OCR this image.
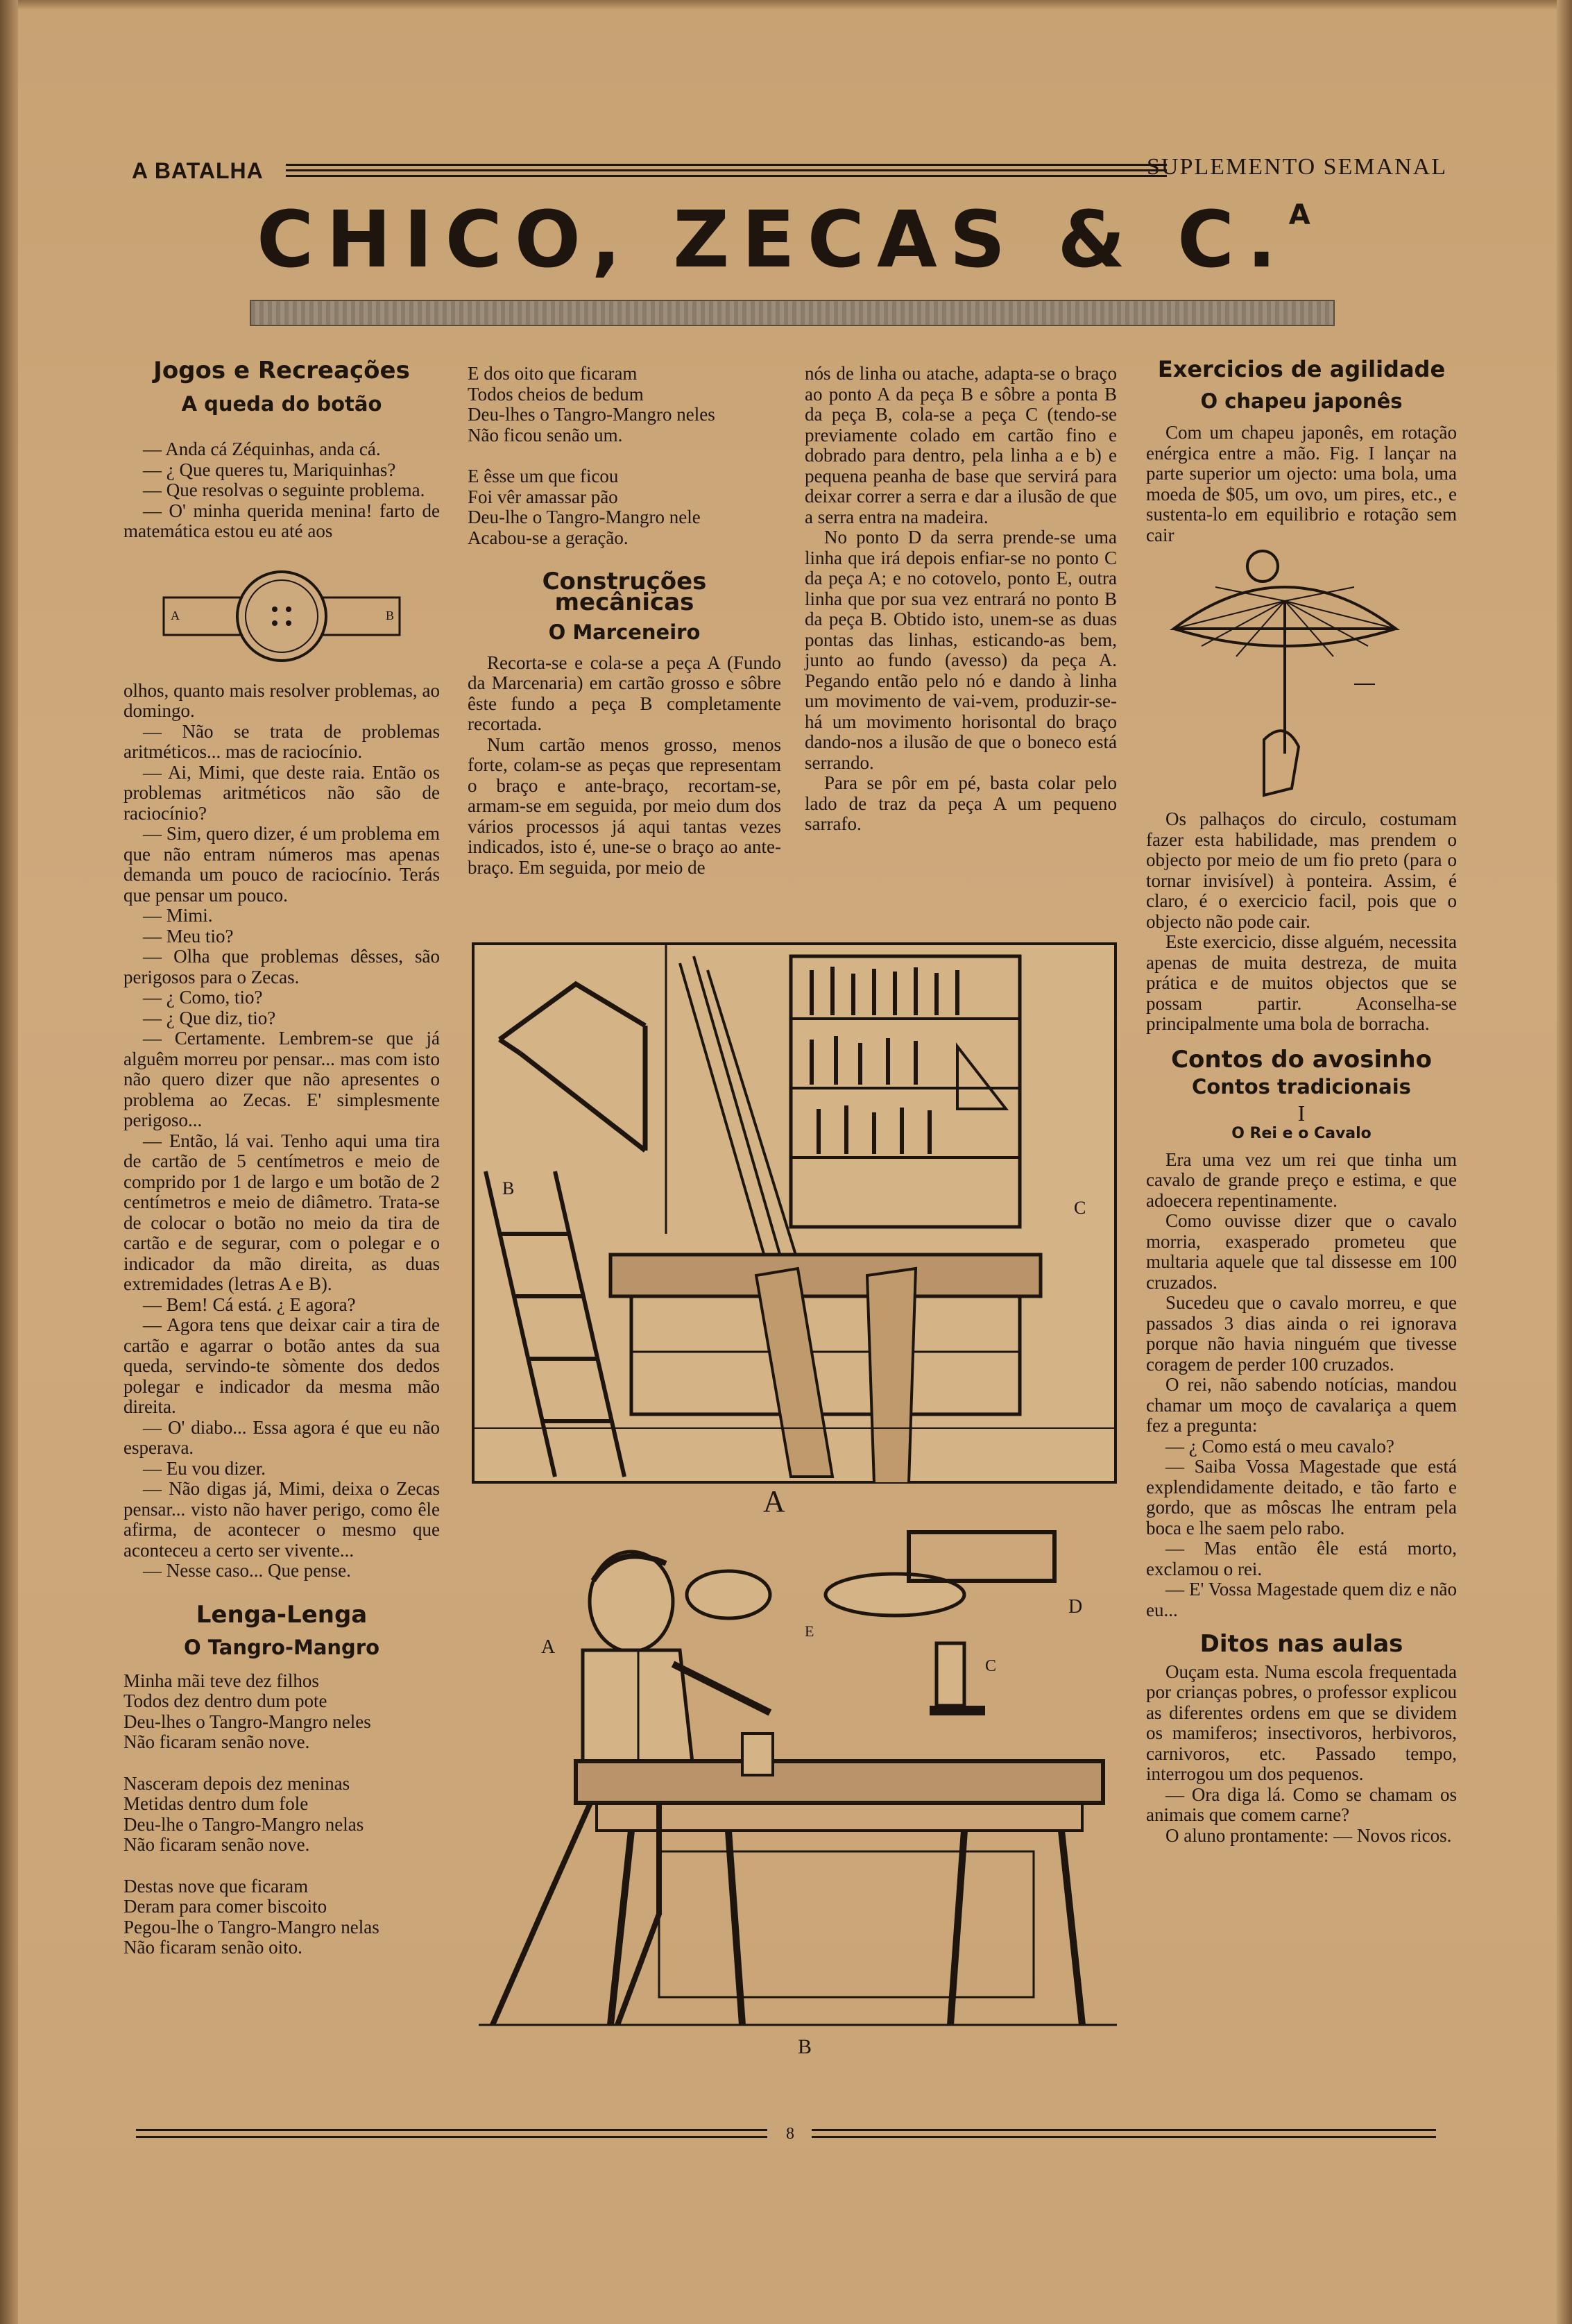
A BATALHA	SUPLEMENTO SEMANAL
CHICO, ZECAS & C.$^A$

Jogos e Recreações

A queda do botão

— Anda cá Zéquinhas, anda cá.

— ¿ Que queres tu, Mariquinhas?

— Que resolvas o seguinte problema.

— O' minha querida menina! farto de matemática estou eu até aos

A	B

olhos, quanto mais resolver problemas, ao domingo.

— Não se trata de problemas aritméticos... mas de raciocínio.

— Ai, Mimi, que deste raia. Então os problemas aritméticos não são de raciocínio?

— Sim, quero dizer, é um problema em que não entram números mas apenas demanda um pouco de raciocínio. Terás que pensar um pouco.

— Mimi.

— Meu tio?

— Olha que problemas dêsses, são perigosos para o Zecas.

— ¿ Como, tio?

— ¿ Que diz, tio?

— Certamente. Lembrem-se que já alguêm morreu por pensar... mas com isto não quero dizer que não apresentes o problema ao Zecas. E' simplesmente perigoso...

— Então, lá vai. Tenho aqui uma tira de cartão de 5 centímetros e meio de comprido por 1 de largo e um botão de 2 centímetros e meio de diâmetro. Trata-se de colocar o botão no meio da tira de cartão e de segurar, com o polegar e o indicador da mão direita, as duas extremidades (letras A e B).

— Bem! Cá está. ¿ E agora?

— Agora tens que deixar cair a tira de cartão e agarrar o botão antes da sua queda, servindo-te sòmente dos dedos polegar e indicador da mesma mão direita.

— O' diabo... Essa agora é que eu não esperava.

— Eu vou dizer.

— Não digas já, Mimi, deixa o Zecas pensar... visto não haver perigo, como êle afirma, de acontecer o mesmo que aconteceu a certo ser vivente...

— Nesse caso... Que pense.

Lenga-Lenga

O Tangro-Mangro

Minha mãi teve dez filhos

Todos dez dentro dum pote

Deu-lhes o Tangro-Mangro neles

Não ficaram senão nove.

Nasceram depois dez meninas

Metidas dentro dum fole

Deu-lhe o Tangro-Mangro nelas

Não ficaram senão nove.

Destas nove que ficaram

Deram para comer biscoito

Pegou-lhe o Tangro-Mangro nelas

Não ficaram senão oito.

E dos oito que ficaram

Todos cheios de bedum

Deu-lhes o Tangro-Mangro neles

Não ficou senão um.

E êsse um que ficou

Foi vêr amassar pão

Deu-lhe o Tangro-Mangro nele

Acabou-se a geração.

Construções mecânicas

O Marceneiro

Recorta-se e cola-se a peça A (Fundo da Marcenaria) em cartão grosso e sôbre êste fundo a peça B completamente recortada.

Num cartão menos grosso, menos forte, colam-se as peças que representam o braço e ante-braço, recortam-se, armam-se em seguida, por meio dum dos vários processos já aqui tantas vezes indicados, isto é, une-se o braço ao ante-braço. Em seguida, por meio de

nós de linha ou atache, adapta-se o braço ao ponto A da peça B e sôbre a ponta B da peça B, cola-se a peça C (tendo-se previamente colado em cartão fino e dobrado para dentro, pela linha a e b) e pequena peanha de base que servirá para deixar correr a serra e dar a ilusão de que a serra entra na madeira.

No ponto D da serra prende-se uma linha que irá depois enfiar-se no ponto C da peça A; e no cotovelo, ponto E, outra linha que por sua vez entrará no ponto B da peça B. Obtido isto, unem-se as duas pontas das linhas, esticando-as bem, junto ao fundo (avesso) da peça A. Pegando então pelo nó e dando à linha um movimento de vai-vem, produzir-se-há um movimento horisontal do braço dando-nos a ilusão de que o boneco está serrando.

Para se pôr em pé, basta colar pelo lado de traz da peça A um pequeno sarrafo.

B
C
A
A
E
D
C
B

Exercicios de agilidade

O chapeu japonês

Com um chapeu japonês, em rotação enérgica entre a mão. Fig. I lançar na parte superior um ojecto: uma bola, uma moeda de $05, um ovo, um pires, etc., e sustenta-lo em equilibrio e rotação sem cair

Os palhaços do circulo, costumam fazer esta habilidade, mas prendem o objecto por meio de um fio preto (para o tornar invisível) à ponteira. Assim, é claro, é o exercicio facil, pois que o objecto não pode cair.

Este exercicio, disse alguém, necessita apenas de muita destreza, de muita prática e de muitos objectos que se possam partir. Aconselha-se principalmente uma bola de borracha.

Contos do avosinho

Contos tradicionais

I

O Rei e o Cavalo

Era uma vez um rei que tinha um cavalo de grande preço e estima, e que adoecera repentinamente.

Como ouvisse dizer que o cavalo morria, exasperado prometeu que multaria aquele que tal dissesse em 100 cruzados.

Sucedeu que o cavalo morreu, e que passados 3 dias ainda o rei ignorava porque não havia ninguém que tivesse coragem de perder 100 cruzados.

O rei, não sabendo notícias, mandou chamar um moço de cavalariça a quem fez a pregunta:

— ¿ Como está o meu cavalo?

— Saiba Vossa Magestade que está explendidamente deitado, e tão farto e gordo, que as môscas lhe entram pela boca e lhe saem pelo rabo.

— Mas então êle está morto, exclamou o rei.

— E' Vossa Magestade quem diz e não eu...

Ditos nas aulas

Ouçam esta. Numa escola frequentada por crianças pobres, o professor explicou as diferentes ordens em que se dividem os mamiferos; insectivoros, herbivoros, carnivoros, etc. Passado tempo, interrogou um dos pequenos.

— Ora diga lá. Como se chamam os animais que comem carne?

O aluno prontamente: — Novos ricos.

8
